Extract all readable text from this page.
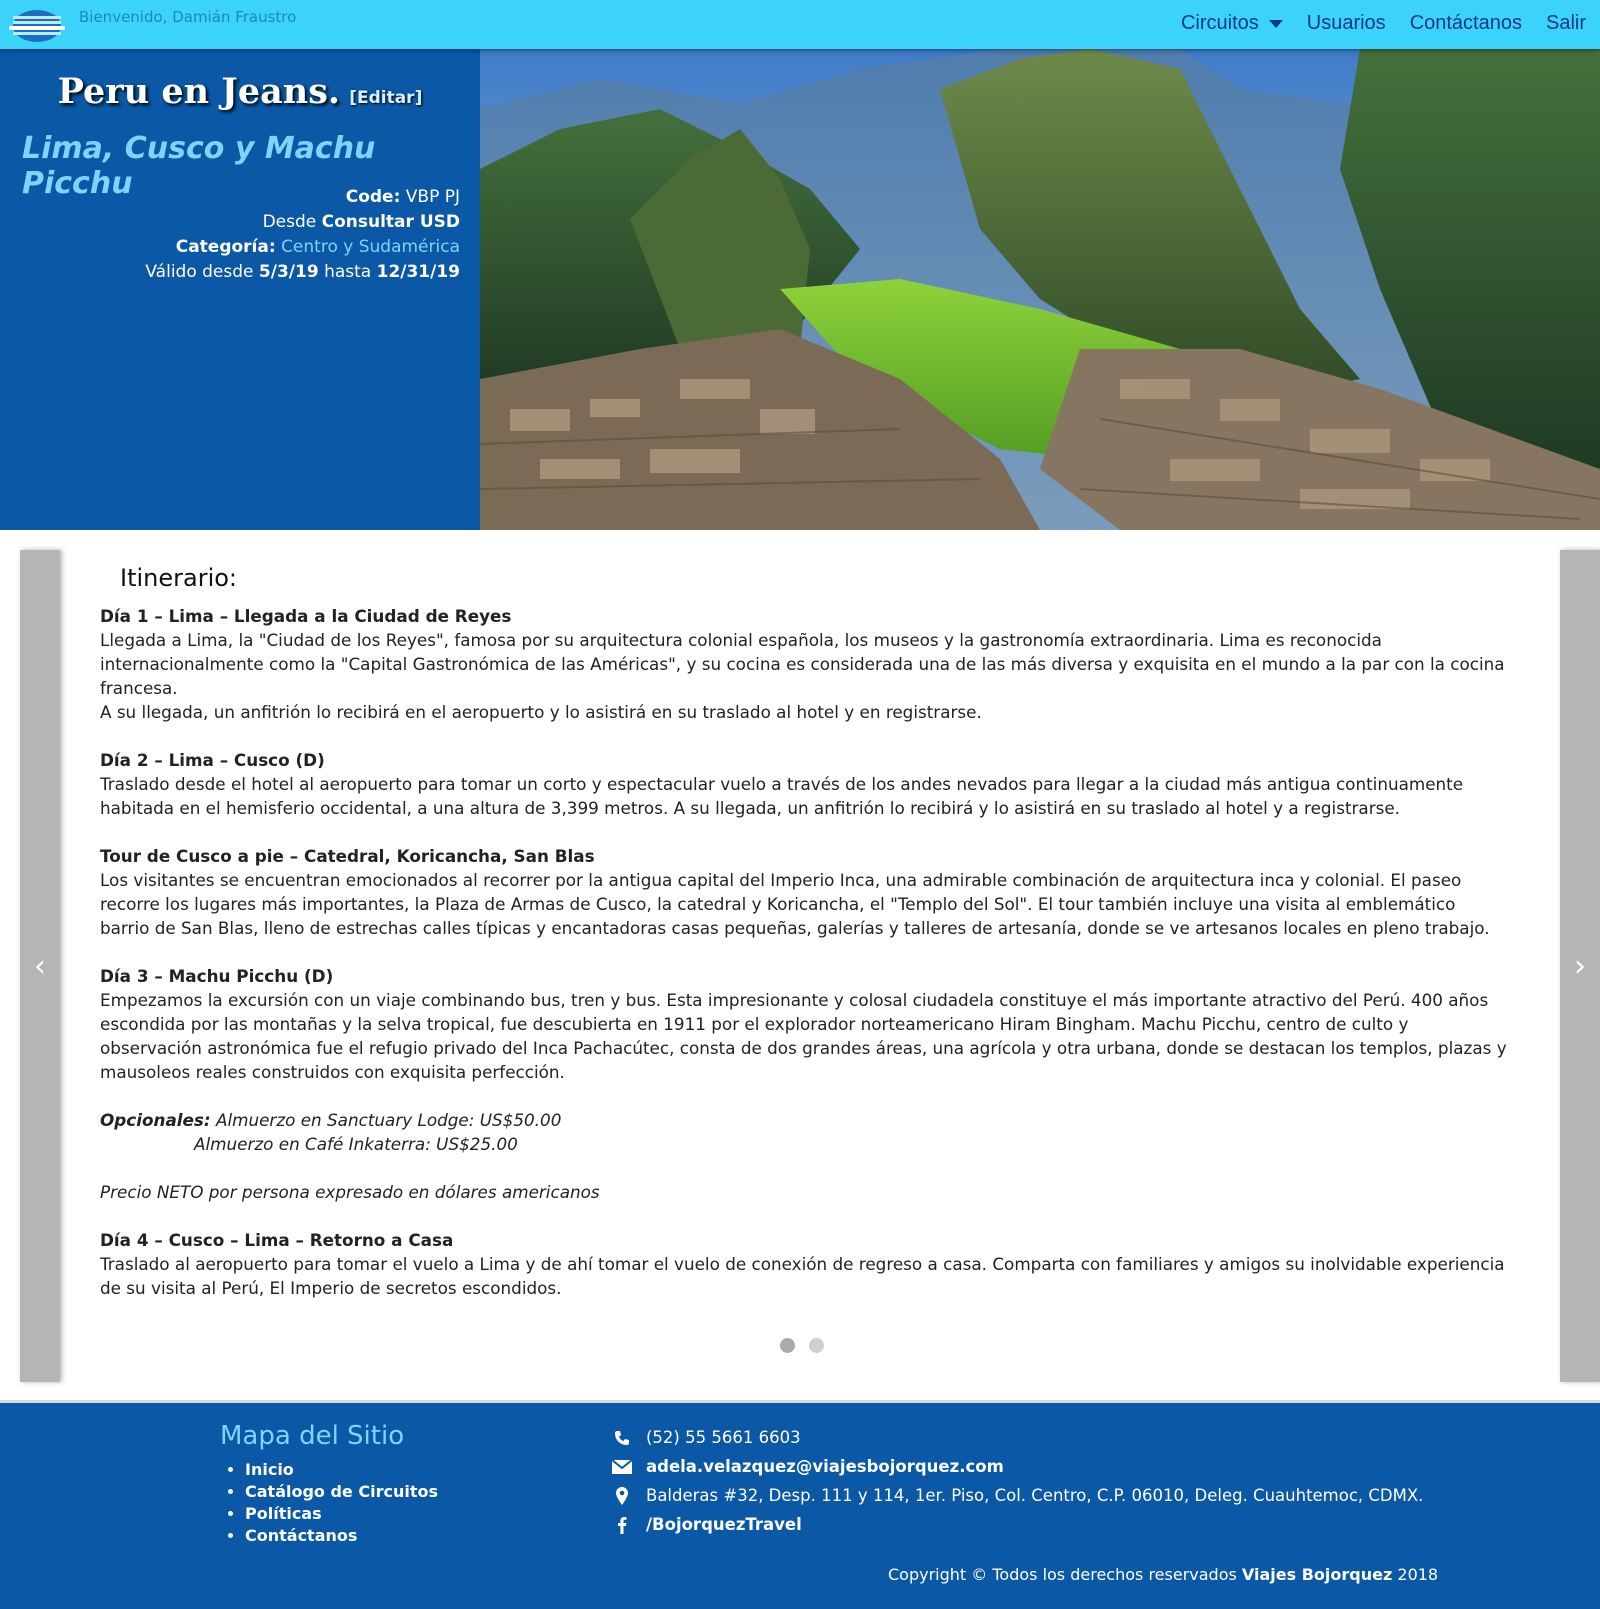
Bienvenido, Damián Fraustro	Circuitos Usuarios Contáctanos Salir
Peru en Jeans. [Editar]
Lima, Cusco y Machu Picchu	Code: VBP PJ
Desde Consultar USD
Categoría: Centro y Sudamérica
Válido desde 5/3/19 hasta 12/31/19
‹
Itinerario:
Día 1 – Lima – Llegada a la Ciudad de Reyes
Llegada a Lima, la "Ciudad de los Reyes", famosa por su arquitectura colonial española, los museos y la gastronomía extraordinaria. Lima es reconocida internacionalmente como la "Capital Gastronómica de las Américas", y su cocina es considerada una de las más diversa y exquisita en el mundo a la par con la cocina francesa.
A su llegada, un anfitrión lo recibirá en el aeropuerto y lo asistirá en su traslado al hotel y en registrarse.
Día 2 – Lima – Cusco (D)
Traslado desde el hotel al aeropuerto para tomar un corto y espectacular vuelo a través de los andes nevados para llegar a la ciudad más antigua continuamente habitada en el hemisferio occidental, a una altura de 3,399 metros. A su llegada, un anfitrión lo recibirá y lo asistirá en su traslado al hotel y a registrarse.
Tour de Cusco a pie – Catedral, Koricancha, San Blas
Los visitantes se encuentran emocionados al recorrer por la antigua capital del Imperio Inca, una admirable combinación de arquitectura inca y colonial. El paseo recorre los lugares más importantes, la Plaza de Armas de Cusco, la catedral y Koricancha, el "Templo del Sol". El tour también incluye una visita al emblemático barrio de San Blas, lleno de estrechas calles típicas y encantadoras casas pequeñas, galerías y talleres de artesanía, donde se ve artesanos locales en pleno trabajo.
Día 3 – Machu Picchu (D)
Empezamos la excursión con un viaje combinando bus, tren y bus. Esta impresionante y colosal ciudadela constituye el más importante atractivo del Perú. 400 años escondida por las montañas y la selva tropical, fue descubierta en 1911 por el explorador norteamericano Hiram Bingham. Machu Picchu, centro de culto y observación astronómica fue el refugio privado del Inca Pachacútec, consta de dos grandes áreas, una agrícola y otra urbana, donde se destacan los templos, plazas y mausoleos reales construidos con exquisita perfección.
Opcionales: Almuerzo en Sanctuary Lodge: US$50.00
Almuerzo en Café Inkaterra: US$25.00
Precio NETO por persona expresado en dólares americanos
Día 4 – Cusco – Lima – Retorno a Casa
Traslado al aeropuerto para tomar el vuelo a Lima y de ahí tomar el vuelo de conexión de regreso a casa. Comparta con familiares y amigos su inolvidable experiencia de su visita al Perú, El Imperio de secretos escondidos.
›
Mapa del Sitio
• Inicio
• Catálogo de Circuitos
• Políticas
• Contáctanos
(52) 55 5661 6603
adela.velazquez@viajesbojorquez.com
Balderas #32, Desp. 111 y 114, 1er. Piso, Col. Centro, C.P. 06010, Deleg. Cuauhtemoc, CDMX.
/BojorquezTravel
Copyright © Todos los derechos reservados Viajes Bojorquez 2018
